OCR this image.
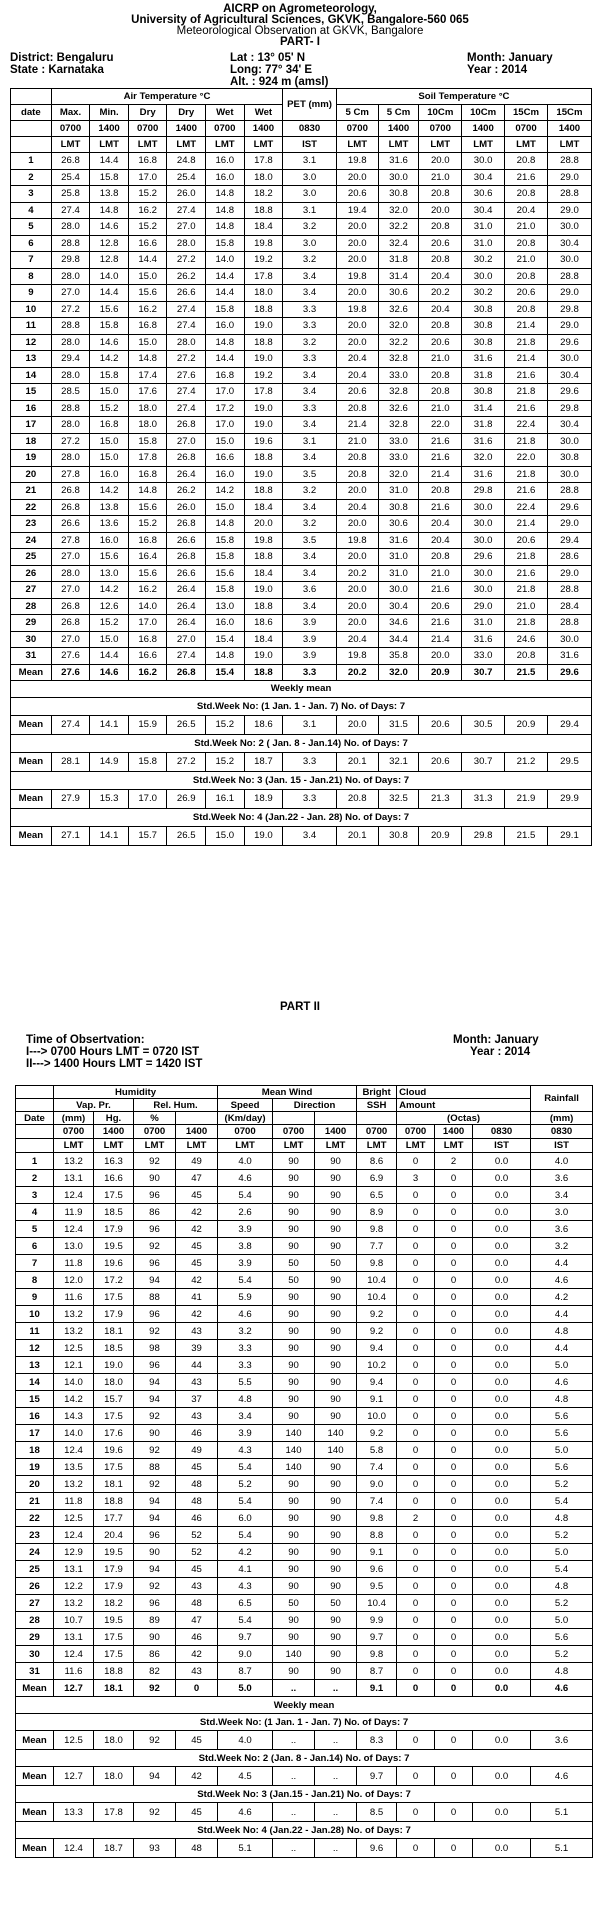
AICRP on Agrometeorology,
University of Agricultural Sciences, GKVK, Bangalore-560 065
Meteorological Observation at GKVK, Bangalore
PART- I
District: Bengaluru
State : Karnataka
Lat : 13° 05' N
Long: 77° 34' E
Alt. : 924 m (amsl)
Month: January
Year : 2014
	Air Temperature °C						PET (mm)	Soil Temperature °C					
date	Max.	Min.	Dry	Dry	Wet	Wet		5 Cm	5 Cm	10Cm	10Cm	15Cm	15Cm
	0700	1400	0700	1400	0700	1400	0830	0700	1400	0700	1400	0700	1400
	LMT	LMT	LMT	LMT	LMT	LMT	IST	LMT	LMT	LMT	LMT	LMT	LMT
1	26.8	14.4	16.8	24.8	16.0	17.8	3.1	19.8	31.6	20.0	30.0	20.8	28.8
2	25.4	15.8	17.0	25.4	16.0	18.0	3.0	20.0	30.0	21.0	30.4	21.6	29.0
3	25.8	13.8	15.2	26.0	14.8	18.2	3.0	20.6	30.8	20.8	30.6	20.8	28.8
4	27.4	14.8	16.2	27.4	14.8	18.8	3.1	19.4	32.0	20.0	30.4	20.4	29.0
5	28.0	14.6	15.2	27.0	14.8	18.4	3.2	20.0	32.2	20.8	31.0	21.0	30.0
6	28.8	12.8	16.6	28.0	15.8	19.8	3.0	20.0	32.4	20.6	31.0	20.8	30.4
7	29.8	12.8	14.4	27.2	14.0	19.2	3.2	20.0	31.8	20.8	30.2	21.0	30.0
8	28.0	14.0	15.0	26.2	14.4	17.8	3.4	19.8	31.4	20.4	30.0	20.8	28.8
9	27.0	14.4	15.6	26.6	14.4	18.0	3.4	20.0	30.6	20.2	30.2	20.6	29.0
10	27.2	15.6	16.2	27.4	15.8	18.8	3.3	19.8	32.6	20.4	30.8	20.8	29.8
11	28.8	15.8	16.8	27.4	16.0	19.0	3.3	20.0	32.0	20.8	30.8	21.4	29.0
12	28.0	14.6	15.0	28.0	14.8	18.8	3.2	20.0	32.2	20.6	30.8	21.8	29.6
13	29.4	14.2	14.8	27.2	14.4	19.0	3.3	20.4	32.8	21.0	31.6	21.4	30.0
14	28.0	15.8	17.4	27.6	16.8	19.2	3.4	20.4	33.0	20.8	31.8	21.6	30.4
15	28.5	15.0	17.6	27.4	17.0	17.8	3.4	20.6	32.8	20.8	30.8	21.8	29.6
16	28.8	15.2	18.0	27.4	17.2	19.0	3.3	20.8	32.6	21.0	31.4	21.6	29.8
17	28.0	16.8	18.0	26.8	17.0	19.0	3.4	21.4	32.8	22.0	31.8	22.4	30.4
18	27.2	15.0	15.8	27.0	15.0	19.6	3.1	21.0	33.0	21.6	31.6	21.8	30.0
19	28.0	15.0	17.8	26.8	16.6	18.8	3.4	20.8	33.0	21.6	32.0	22.0	30.8
20	27.8	16.0	16.8	26.4	16.0	19.0	3.5	20.8	32.0	21.4	31.6	21.8	30.0
21	26.8	14.2	14.8	26.2	14.2	18.8	3.2	20.0	31.0	20.8	29.8	21.6	28.8
22	26.8	13.8	15.6	26.0	15.0	18.4	3.4	20.4	30.8	21.6	30.0	22.4	29.6
23	26.6	13.6	15.2	26.8	14.8	20.0	3.2	20.0	30.6	20.4	30.0	21.4	29.0
24	27.8	16.0	16.8	26.6	15.8	19.8	3.5	19.8	31.6	20.4	30.0	20.6	29.4
25	27.0	15.6	16.4	26.8	15.8	18.8	3.4	20.0	31.0	20.8	29.6	21.8	28.6
26	28.0	13.0	15.6	26.6	15.6	18.4	3.4	20.2	31.0	21.0	30.0	21.6	29.0
27	27.0	14.2	16.2	26.4	15.8	19.0	3.6	20.0	30.0	21.6	30.0	21.8	28.8
28	26.8	12.6	14.0	26.4	13.0	18.8	3.4	20.0	30.4	20.6	29.0	21.0	28.4
29	26.8	15.2	17.0	26.4	16.0	18.6	3.9	20.0	34.6	21.6	31.0	21.8	28.8
30	27.0	15.0	16.8	27.0	15.4	18.4	3.9	20.4	34.4	21.4	31.6	24.6	30.0
31	27.6	14.4	16.6	27.4	14.8	19.0	3.9	19.8	35.8	20.0	33.0	20.8	31.6
Mean	27.6	14.6	16.2	26.8	15.4	18.8	3.3	20.2	32.0	20.9	30.7	21.5	29.6
Weekly mean													
Std.Week No: (1 Jan. 1 - Jan. 7) No. of Days: 7													
Mean	27.4	14.1	15.9	26.5	15.2	18.6	3.1	20.0	31.5	20.6	30.5	20.9	29.4
Std.Week No: 2 ( Jan. 8 - Jan.14) No. of Days: 7													
Mean	28.1	14.9	15.8	27.2	15.2	18.7	3.3	20.1	32.1	20.6	30.7	21.2	29.5
Std.Week No: 3 (Jan. 15 - Jan.21) No. of Days: 7													
Mean	27.9	15.3	17.0	26.9	16.1	18.9	3.3	20.8	32.5	21.3	31.3	21.9	29.9
Std.Week No: 4 (Jan.22 - Jan. 28) No. of Days: 7													
Mean	27.1	14.1	15.7	26.5	15.0	19.0	3.4	20.1	30.8	20.9	29.8	21.5	29.1
PART II
Time of Obsertvation:
I---> 0700 Hours LMT = 0720 IST
II---> 1400 Hours LMT = 1420 IST
Month: January
Year : 2014
	Humidity				Mean Wind			Bright	Cloud			Rainfall	
	Vap. Pr.		Rel. Hum.		Speed	Direction		SSH	Amount	
Date	(mm)	Hg.	%		(Km/day)				(Octas)			(mm)	
	0700	1400	0700	1400	0700	0700	1400	0700	0700	1400	0830	0830	
	LMT	LMT	LMT	LMT	LMT	LMT	LMT	LMT	LMT	LMT	IST	IST	
1	13.2	16.3	92	49	4.0	90	90	8.6	0	2	0.0	4.0	
2	13.1	16.6	90	47	4.6	90	90	6.9	3	0	0.0	3.6	
3	12.4	17.5	96	45	5.4	90	90	6.5	0	0	0.0	3.4	
4	11.9	18.5	86	42	2.6	90	90	8.9	0	0	0.0	3.0	
5	12.4	17.9	96	42	3.9	90	90	9.8	0	0	0.0	3.6	
6	13.0	19.5	92	45	3.8	90	90	7.7	0	0	0.0	3.2	
7	11.8	19.6	96	45	3.9	50	50	9.8	0	0	0.0	4.4	
8	12.0	17.2	94	42	5.4	50	90	10.4	0	0	0.0	4.6	
9	11.6	17.5	88	41	5.9	90	90	10.4	0	0	0.0	4.2	
10	13.2	17.9	96	42	4.6	90	90	9.2	0	0	0.0	4.4	
11	13.2	18.1	92	43	3.2	90	90	9.2	0	0	0.0	4.8	
12	12.5	18.5	98	39	3.3	90	90	9.4	0	0	0.0	4.4	
13	12.1	19.0	96	44	3.3	90	90	10.2	0	0	0.0	5.0	
14	14.0	18.0	94	43	5.5	90	90	9.4	0	0	0.0	4.6	
15	14.2	15.7	94	37	4.8	90	90	9.1	0	0	0.0	4.8	
16	14.3	17.5	92	43	3.4	90	90	10.0	0	0	0.0	5.6	
17	14.0	17.6	90	46	3.9	140	140	9.2	0	0	0.0	5.6	
18	12.4	19.6	92	49	4.3	140	140	5.8	0	0	0.0	5.0	
19	13.5	17.5	88	45	5.4	140	90	7.4	0	0	0.0	5.6	
20	13.2	18.1	92	48	5.2	90	90	9.0	0	0	0.0	5.2	
21	11.8	18.8	94	48	5.4	90	90	7.4	0	0	0.0	5.4	
22	12.5	17.7	94	46	6.0	90	90	9.8	2	0	0.0	4.8	
23	12.4	20.4	96	52	5.4	90	90	8.8	0	0	0.0	5.2	
24	12.9	19.5	90	52	4.2	90	90	9.1	0	0	0.0	5.0	
25	13.1	17.9	94	45	4.1	90	90	9.6	0	0	0.0	5.4	
26	12.2	17.9	92	43	4.3	90	90	9.5	0	0	0.0	4.8	
27	13.2	18.2	96	48	6.5	50	50	10.4	0	0	0.0	5.2	
28	10.7	19.5	89	47	5.4	90	90	9.9	0	0	0.0	5.0	
29	13.1	17.5	90	46	9.7	90	90	9.7	0	0	0.0	5.6	
30	12.4	17.5	86	42	9.0	140	90	9.8	0	0	0.0	5.2	
31	11.6	18.8	82	43	8.7	90	90	8.7	0	0	0.0	4.8	
Mean	12.7	18.1	92	0	5.0	..	..	9.1	0	0	0.0	4.6	
Weekly mean													
Std.Week No: (1 Jan. 1 - Jan. 7) No. of Days: 7													
Mean	12.5	18.0	92	45	4.0	..	..	8.3	0	0	0.0	3.6	
Std.Week No: 2 (Jan. 8 - Jan.14) No. of Days: 7													
Mean	12.7	18.0	94	42	4.5	..	..	9.7	0	0	0.0	4.6	
Std.Week No: 3 (Jan.15 - Jan.21) No. of Days: 7													
Mean	13.3	17.8	92	45	4.6	..	..	8.5	0	0	0.0	5.1	
Std.Week No: 4 (Jan.22 - Jan.28) No. of Days: 7													
Mean	12.4	18.7	93	48	5.1	..	..	9.6	0	0	0.0	5.1	
